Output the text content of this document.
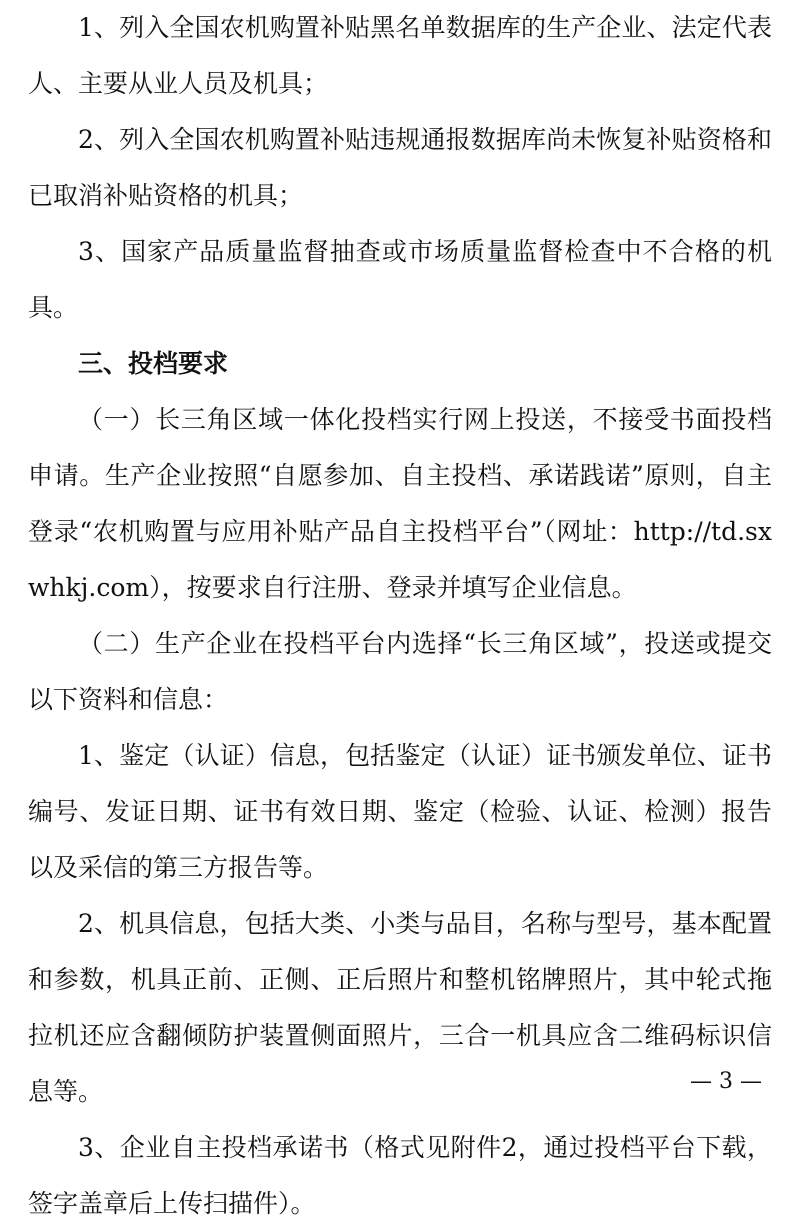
1、列入全国农机购置补贴黑名单数据库的生产企业、法定代表人、主要从业人员及机具；

2、列入全国农机购置补贴违规通报数据库尚未恢复补贴资格和已取消补贴资格的机具；

3、国家产品质量监督抽查或市场质量监督检查中不合格的机具。

三、投档要求

（一）长三角区域一体化投档实行网上投送，不接受书面投档申请。生产企业按照“自愿参加、自主投档、承诺践诺”原则，自主登录“农机购置与应用补贴产品自主投档平台”（网址：http://td.sxwhkj.com），按要求自行注册、登录并填写企业信息。

（二）生产企业在投档平台内选择“长三角区域”，投送或提交以下资料和信息：

1、鉴定（认证）信息，包括鉴定（认证）证书颁发单位、证书编号、发证日期、证书有效日期、鉴定（检验、认证、检测）报告以及采信的第三方报告等。

2、机具信息，包括大类、小类与品目，名称与型号，基本配置和参数，机具正前、正侧、正后照片和整机铭牌照片，其中轮式拖拉机还应含翻倾防护装置侧面照片，三合一机具应含二维码标识信息等。

3、企业自主投档承诺书（格式见附件2，通过投档平台下载，签字盖章后上传扫描件）。

— 3 —
